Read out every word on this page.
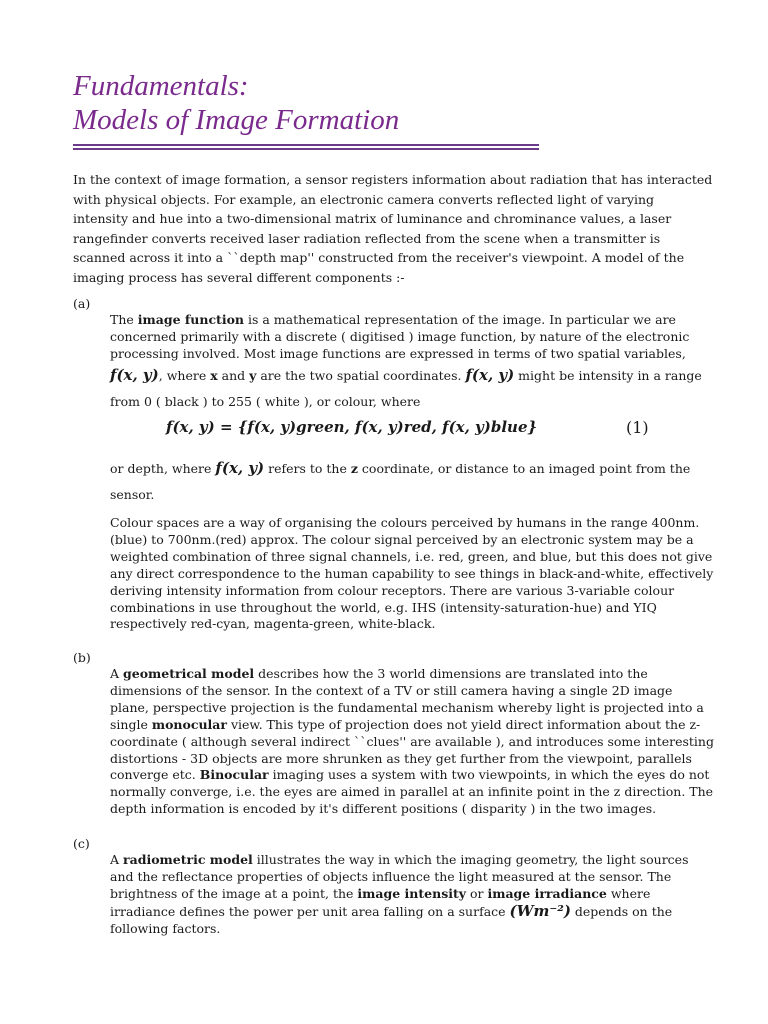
Fundamentals:
Models of Image Formation
In the context of image formation, a sensor registers information about radiation that has interacted with physical objects. For example, an electronic camera converts reflected light of varying intensity and hue into a two-dimensional matrix of luminance and chrominance values, a laser rangefinder converts received laser radiation reflected from the scene when a transmitter is scanned across it into a ``depth map'' constructed from the receiver's viewpoint. A model of the imaging process has several different components :-
(a)
The image function is a mathematical representation of the image. In particular we are concerned primarily with a discrete ( digitised ) image function, by nature of the electronic processing involved. Most image functions are expressed in terms of two spatial variables, f(x, y), where x and y are the two spatial coordinates. f(x, y) might be intensity in a range from 0 ( black ) to 255 ( white ), or colour, where
f(x, y) = {f(x, y)green, f(x, y)red, f(x, y)blue}	(1)
or depth, where f(x, y) refers to the z coordinate, or distance to an imaged point from the sensor.
Colour spaces are a way of organising the colours perceived by humans in the range 400nm. (blue) to 700nm.(red) approx. The colour signal perceived by an electronic system may be a weighted combination of three signal channels, i.e. red, green, and blue, but this does not give any direct correspondence to the human capability to see things in black-and-white, effectively deriving intensity information from colour receptors. There are various 3-variable colour combinations in use throughout the world, e.g. IHS (intensity-saturation-hue) and YIQ respectively red-cyan, magenta-green, white-black.
(b)
A geometrical model describes how the 3 world dimensions are translated into the dimensions of the sensor. In the context of a TV or still camera having a single 2D image plane, perspective projection is the fundamental mechanism whereby light is projected into a single monocular view. This type of projection does not yield direct information about the z-coordinate ( although several indirect ``clues'' are available ), and introduces some interesting distortions - 3D objects are more shrunken as they get further from the viewpoint, parallels converge etc. Binocular imaging uses a system with two viewpoints, in which the eyes do not normally converge, i.e. the eyes are aimed in parallel at an infinite point in the z direction. The depth information is encoded by it's different positions ( disparity ) in the two images.
(c)
A radiometric model illustrates the way in which the imaging geometry, the light sources and the reflectance properties of objects influence the light measured at the sensor. The brightness of the image at a point, the image intensity or image irradiance where irradiance defines the power per unit area falling on a surface (Wm⁻²) depends on the following factors.
